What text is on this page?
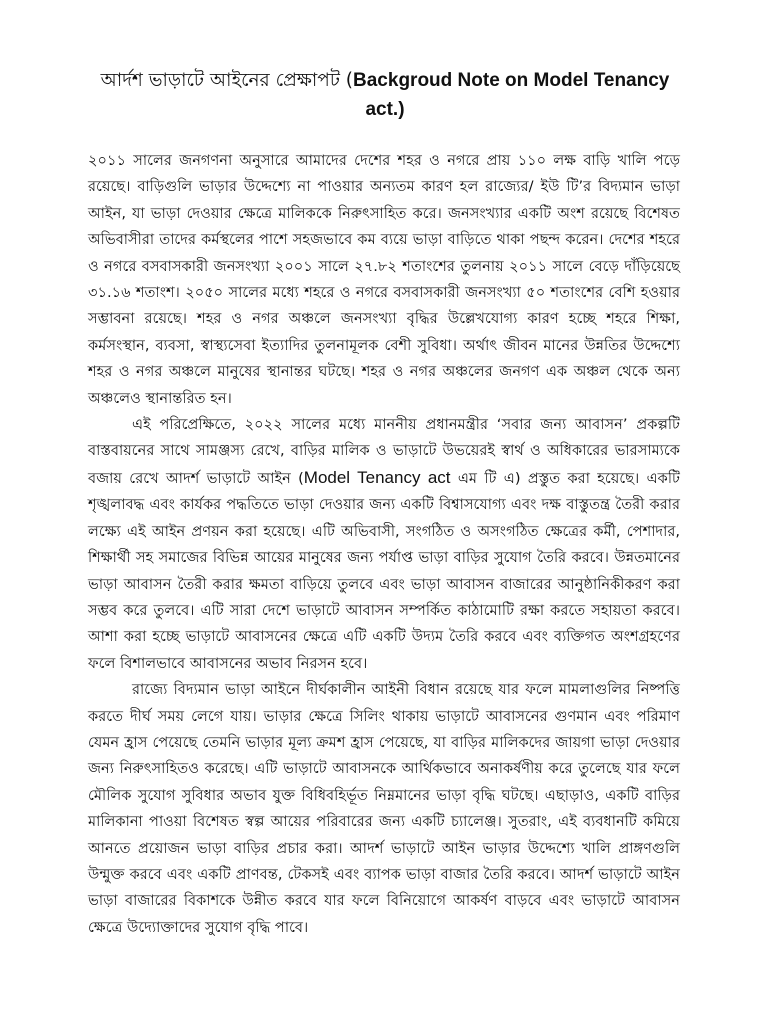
আর্দশ ভাড়াটে আইনের প্রেক্ষাপট (Backgroud Note on Model Tenancy act.)

২০১১ সালের জনগণনা অনুসারে আমাদের দেশের শহর ও নগরে প্রায় ১১০ লক্ষ বাড়ি খালি পড়ে রয়েছে। বাড়িগুলি ভাড়ার উদ্দেশ্যে না পাওয়ার অন্যতম কারণ হল রাজ্যের/ ইউ টি’র বিদ্যমান ভাড়া আইন, যা ভাড়া দেওয়ার ক্ষেত্রে মালিককে নিরুৎসাহিত করে। জনসংখ্যার একটি অংশ রয়েছে বিশেষত অভিবাসীরা তাদের কর্মস্থলের পাশে সহজভাবে কম ব্যয়ে ভাড়া বাড়িতে থাকা পছন্দ করেন। দেশের শহরে ও নগরে বসবাসকারী জনসংখ্যা ২০০১ সালে ২৭.৮২ শতাংশের তুলনায় ২০১১ সালে বেড়ে দাঁড়িয়েছে ৩১.১৬ শতাংশ। ২০৫০ সালের মধ্যে শহরে ও নগরে বসবাসকারী জনসংখ্যা ৫০ শতাংশের বেশি হওয়ার সম্ভাবনা রয়েছে। শহর ও নগর অঞ্চলে জনসংখ্যা বৃদ্ধির উল্লেখযোগ্য কারণ হচ্ছে শহরে শিক্ষা, কর্মসংস্থান, ব্যবসা, স্বাস্থ্যসেবা ইত্যাদির তুলনামূলক বেশী সুবিধা। অর্থাৎ জীবন মানের উন্নতির উদ্দেশ্যে শহর ও নগর অঞ্চলে মানুষের স্থানান্তর ঘটছে। শহর ও নগর অঞ্চলের জনগণ এক অঞ্চল থেকে অন্য অঞ্চলেও স্থানান্তরিত হন।

এই পরিপ্রেক্ষিতে, ২০২২ সালের মধ্যে মাননীয় প্রধানমন্ত্রীর ‘সবার জন্য আবাসন’ প্রকল্পটি বাস্তবায়নের সাথে সামঞ্জস্য রেখে, বাড়ির মালিক ও ভাড়াটে উভয়েরই স্বার্থ ও অধিকারের ভারসাম্যকে বজায় রেখে আদর্শ ভাড়াটে আইন (Model Tenancy act এম টি এ) প্রস্তুত করা হয়েছে। একটি শৃঙ্খলাবদ্ধ এবং কার্যকর পদ্ধতিতে ভাড়া দেওয়ার জন্য একটি বিশ্বাসযোগ্য এবং দক্ষ বাস্তুতন্ত্র তৈরী করার লক্ষ্যে এই আইন প্রণয়ন করা হয়েছে। এটি অভিবাসী, সংগঠিত ও অসংগঠিত ক্ষেত্রের কর্মী, পেশাদার, শিক্ষার্থী সহ সমাজের বিভিন্ন আয়ের মানুষের জন্য পর্যাপ্ত ভাড়া বাড়ির সুযোগ তৈরি করবে। উন্নতমানের ভাড়া আবাসন তৈরী করার ক্ষমতা বাড়িয়ে তুলবে এবং ভাড়া আবাসন বাজারের আনুষ্ঠানিকীকরণ করা সম্ভব করে তুলবে। এটি সারা দেশে ভাড়াটে আবাসন সম্পর্কিত কাঠামোটি রক্ষা করতে সহায়তা করবে। আশা করা হচ্ছে ভাড়াটে আবাসনের ক্ষেত্রে এটি একটি উদ্যম তৈরি করবে এবং ব্যক্তিগত অংশগ্রহণের ফলে বিশালভাবে আবাসনের অভাব নিরসন হবে।

রাজ্যে বিদ্যমান ভাড়া আইনে দীর্ঘকালীন আইনী বিধান রয়েছে যার ফলে মামলাগুলির নিষ্পত্তি করতে দীর্ঘ সময় লেগে যায়। ভাড়ার ক্ষেত্রে সিলিং থাকায় ভাড়াটে আবাসনের গুণমান এবং পরিমাণ যেমন হ্রাস পেয়েছে তেমনি ভাড়ার মূল্য ক্রমশ হ্রাস পেয়েছে, যা বাড়ির মালিকদের জায়গা ভাড়া দেওয়ার জন্য নিরুৎসাহিতও করেছে। এটি ভাড়াটে আবাসনকে আর্থিকভাবে অনাকর্ষণীয় করে তুলেছে যার ফলে মৌলিক সুযোগ সুবিধার অভাব যুক্ত বিধিবহির্ভূত নিম্নমানের ভাড়া বৃদ্ধি ঘটছে। এছাড়াও, একটি বাড়ির মালিকানা পাওয়া বিশেষত স্বল্প আয়ের পরিবারের জন্য একটি চ্যালেঞ্জ। সুতরাং, এই ব্যবধানটি কমিয়ে আনতে প্রয়োজন ভাড়া বাড়ির প্রচার করা। আদর্শ ভাড়াটে আইন ভাড়ার উদ্দেশ্যে খালি প্রাঙ্গণগুলি উন্মুক্ত করবে এবং একটি প্রাণবন্ত, টেকসই এবং ব্যাপক ভাড়া বাজার তৈরি করবে। আদর্শ ভাড়াটে আইন ভাড়া বাজারের বিকাশকে উন্নীত করবে যার ফলে বিনিয়োগে আকর্ষণ বাড়বে এবং ভাড়াটে আবাসন ক্ষেত্রে উদ্যোক্তাদের সুযোগ বৃদ্ধি পাবে।
